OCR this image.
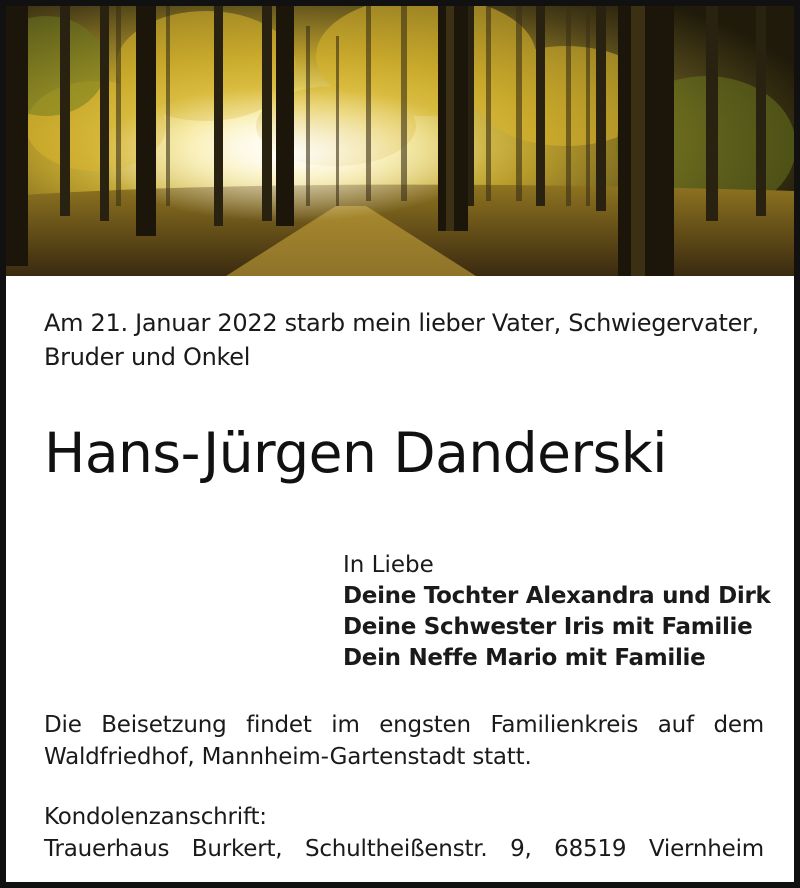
Am 21. Januar 2022 starb mein lieber Vater, Schwiegervater,
Bruder und Onkel
Hans-Jürgen Danderski
In Liebe
Deine Tochter Alexandra und Dirk
Deine Schwester Iris mit Familie
Dein Neffe Mario mit Familie
Die Beisetzung findet im engsten Familienkreis auf dem
Waldfriedhof, Mannheim-Gartenstadt statt.
Kondolenzanschrift:
Trauerhaus Burkert, Schultheißenstr. 9, 68519 Viernheim
